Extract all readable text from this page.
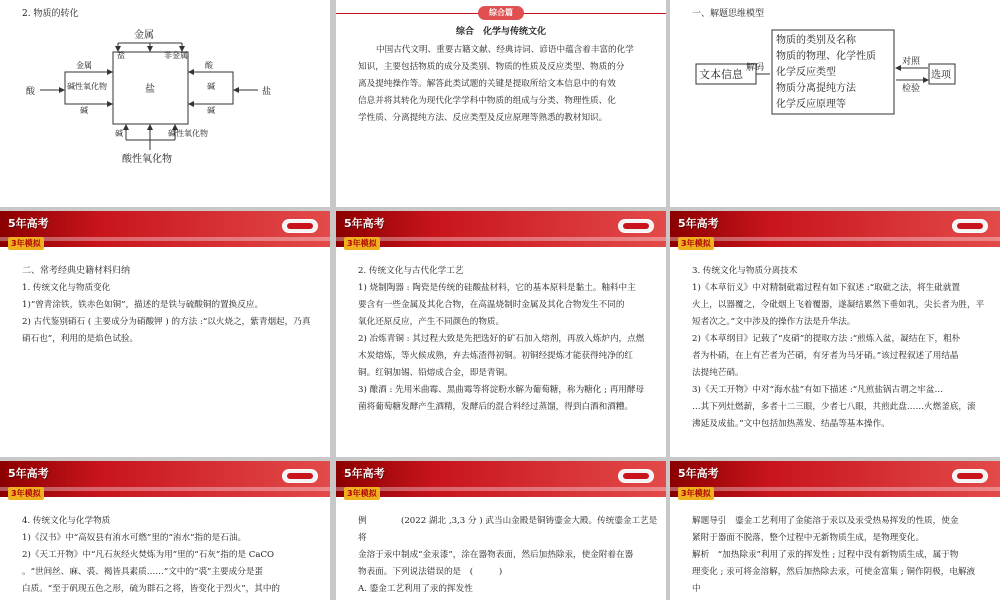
2. 物质的转化
金属
盐	非金属
金属	酸
酸
碱性氧化物	盐	碱
盐
碱	碱
碱	碱性氧化物
酸性氧化物
综合篇
综合　化学与传统文化

中国古代文明、重要古籍文献、经典诗词、谚语中蕴含着丰富的化学

知识，主要包括物质的成分及类别、物质的性质及反应类型、物质的分

离及提纯操作等。解答此类试题的关键是提取所给文本信息中的有效

信息并将其转化为现代化学学科中物质的组成与分类、物理性质、化

学性质、分离提纯方法、反应类型及反应原理等熟悉的教材知识。

一、解题思维模型
文本信息 解码
物质的类别及名称
物质的物理、化学性质
化学反应类型
物质分离提纯方法
化学反应原理等
对照
检验
选项
5年高考
3年模拟
二、常考经典史籍材料归纳
1. 传统文化与物质变化

1)“曾青涂铁，铁赤色如铜”，描述的是铁与硫酸铜的置换反应。

2) 古代鉴别硝石 ( 主要成分为硝酸钾 ) 的方法 :“以火烧之，紫青烟起，乃真

硝石也”，利用的是焰色试验。

5年高考
3年模拟
2. 传统文化与古代化学工艺

1) 烧制陶器 : 陶瓷是传统的硅酸盐材料，它的基本原料是黏土。釉料中主

要含有一些金属及其化合物，在高温烧制时金属及其化合物发生不同的

氧化还原反应，产生不同颜色的物质。

2) 冶炼青铜 : 其过程大致是先把选好的矿石加入熔剂，再放入炼炉内，点燃

木炭熔炼，等火候成熟，弃去炼渣得初铜。初铜经提炼才能获得纯净的红

铜。红铜加锡、铅熔成合金，即是青铜。

3) 酿酒 : 先用米曲霉、黑曲霉等将淀粉水解为葡萄糖，称为糖化 ; 再用酵母

菌将葡萄糖发酵产生酒精，发酵后的混合料经过蒸馏，得到白酒和酒糟。

5年高考
3年模拟
3. 传统文化与物质分离技术

1)《本草衍义》中对精制砒霜过程有如下叙述 :“取砒之法，将生砒就置

火上，以器覆之，令砒烟上飞着覆器，遂凝结累然下垂如乳，尖长者为胜，平

短者次之。”文中涉及的操作方法是升华法。

2)《本草纲目》记载了“皮硝”的提取方法 :“煎炼入盆，凝结在下，粗朴

者为朴硝，在上有芒者为芒硝，有牙者为马牙硝。”该过程叙述了用结晶

法提纯芒硝。

3)《天工开物》中对“海水盐”有如下描述 :“凡煎盐锅古谓之牢盆…

…其下列灶燃薪，多者十二三眼，少者七八眼，共煎此盘……火燃釜底，滚

沸延及成盐。”文中包括加热蒸发、结晶等基本操作。

5年高考
3年模拟
4. 传统文化与化学物质

1)《汉书》中“高奴县有洧水可燃”里的“洧水”指的是石油。

2)《天工开物》中“凡石灰经火焚炼为用”里的“石灰”指的是 CaCO

。“世间丝、麻、裘、褐皆具素质……”文中的“裘”主要成分是蛋

白质。“至于矾现五色之形，硫为群石之将，皆变化于烈火”，其中的

5年高考
3年模拟

例　　　　(2022 湖北 ,3,3 分 ) 武当山金殿是铜铸鎏金大殿。传统鎏金工艺是将

金溶于汞中制成“金汞漆”，涂在器物表面，然后加热除汞，使金附着在器

物表面。下列说法错误的是　(　　　)

A. 鎏金工艺利用了汞的挥发性

5年高考
3年模拟

解题导引　鎏金工艺利用了金能溶于汞以及汞受热易挥发的性质，使金

紧附于器面不脱落，整个过程中无新物质生成，是物理变化。

解析　“加热除汞”利用了汞的挥发性 ; 过程中没有新物质生成，属于物

理变化 ; 汞可将金溶解，然后加热除去汞，可使金富集 ; 铜作阴极，电解液

中
